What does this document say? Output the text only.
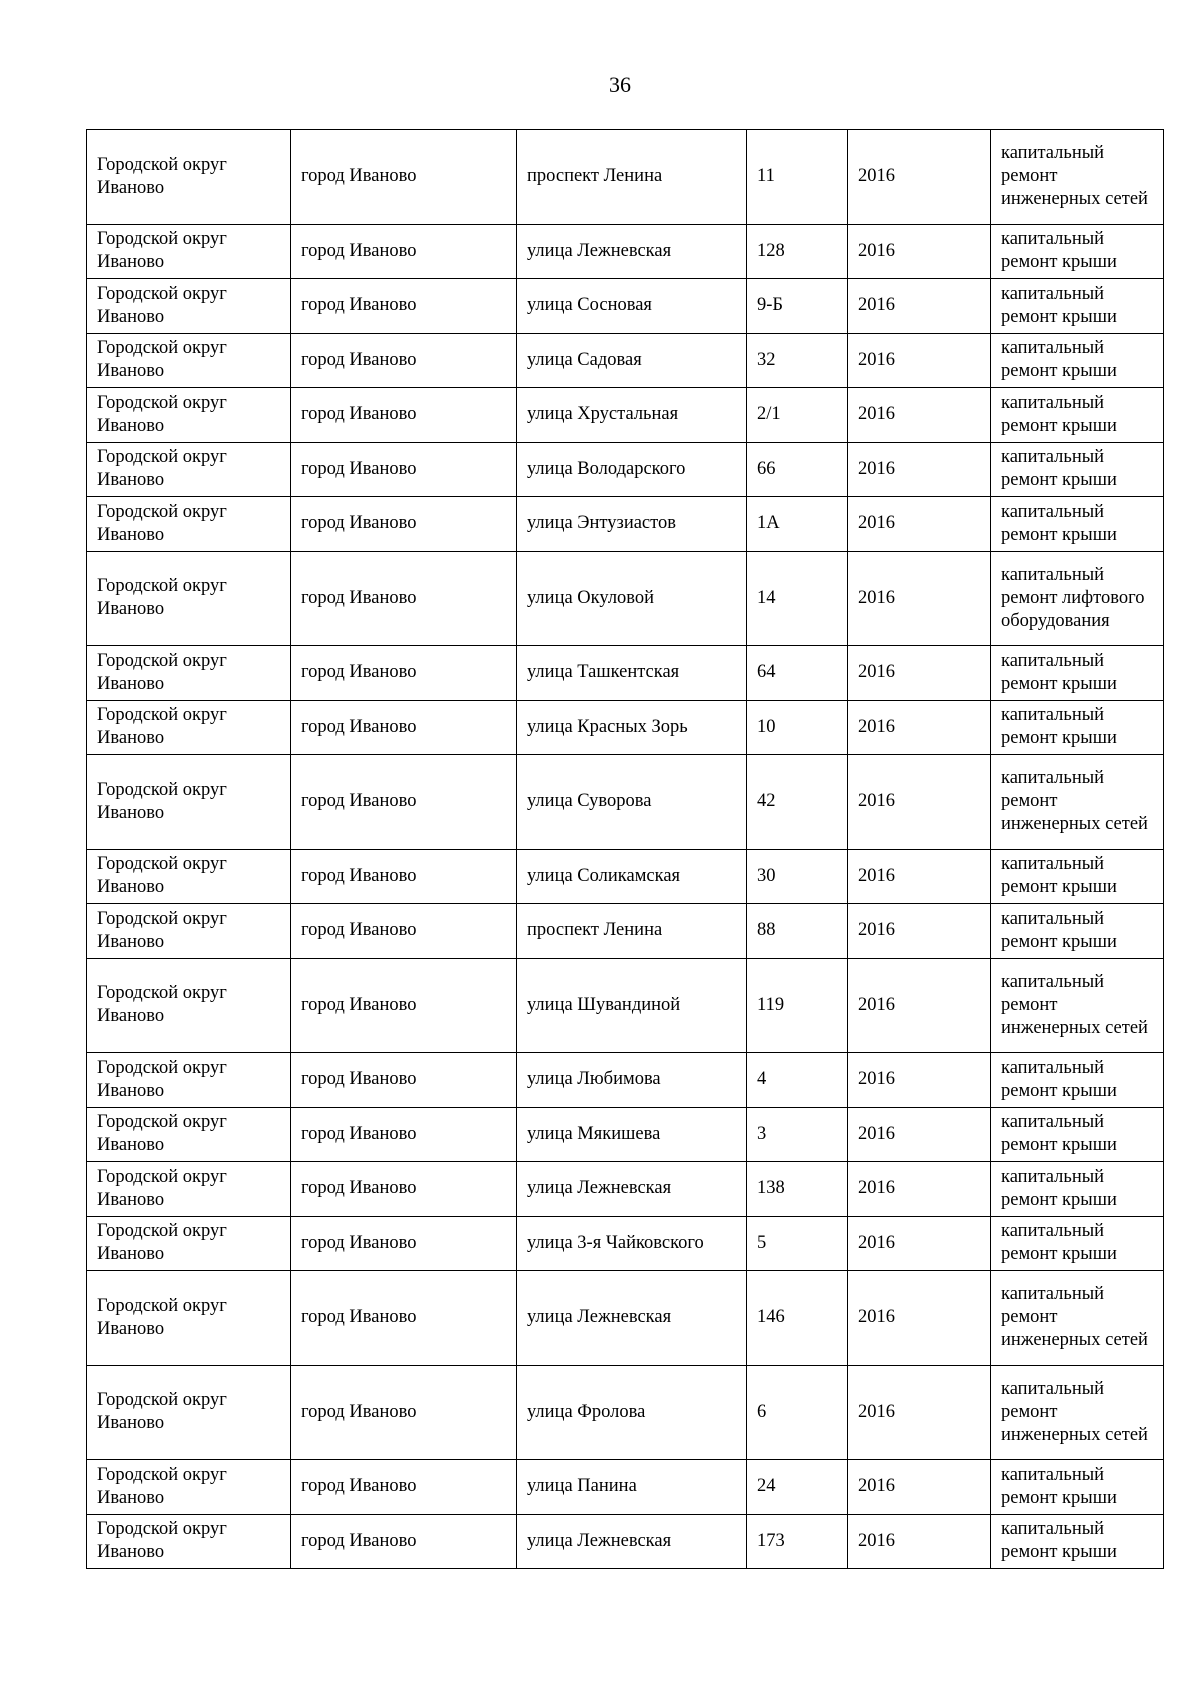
36
Городской округ Иваново	город Иваново	проспект Ленина	11	2016	капитальный ремонт инженерных сетей
Городской округ Иваново	город Иваново	улица Лежневская	128	2016	капитальный ремонт крыши
Городской округ Иваново	город Иваново	улица Сосновая	9-Б	2016	капитальный ремонт крыши
Городской округ Иваново	город Иваново	улица Садовая	32	2016	капитальный ремонт крыши
Городской округ Иваново	город Иваново	улица Хрустальная	2/1	2016	капитальный ремонт крыши
Городской округ Иваново	город Иваново	улица Володарского	66	2016	капитальный ремонт крыши
Городской округ Иваново	город Иваново	улица Энтузиастов	1А	2016	капитальный ремонт крыши
Городской округ Иваново	город Иваново	улица Окуловой	14	2016	капитальный ремонт лифтового оборудования
Городской округ Иваново	город Иваново	улица Ташкентская	64	2016	капитальный ремонт крыши
Городской округ Иваново	город Иваново	улица Красных Зорь	10	2016	капитальный ремонт крыши
Городской округ Иваново	город Иваново	улица Суворова	42	2016	капитальный ремонт инженерных сетей
Городской округ Иваново	город Иваново	улица Соликамская	30	2016	капитальный ремонт крыши
Городской округ Иваново	город Иваново	проспект Ленина	88	2016	капитальный ремонт крыши
Городской округ Иваново	город Иваново	улица Шувандиной	119	2016	капитальный ремонт инженерных сетей
Городской округ Иваново	город Иваново	улица Любимова	4	2016	капитальный ремонт крыши
Городской округ Иваново	город Иваново	улица Мякишева	3	2016	капитальный ремонт крыши
Городской округ Иваново	город Иваново	улица Лежневская	138	2016	капитальный ремонт крыши
Городской округ Иваново	город Иваново	улица 3-я Чайковского	5	2016	капитальный ремонт крыши
Городской округ Иваново	город Иваново	улица Лежневская	146	2016	капитальный ремонт инженерных сетей
Городской округ Иваново	город Иваново	улица Фролова	6	2016	капитальный ремонт инженерных сетей
Городской округ Иваново	город Иваново	улица Панина	24	2016	капитальный ремонт крыши
Городской округ Иваново	город Иваново	улица Лежневская	173	2016	капитальный ремонт крыши
